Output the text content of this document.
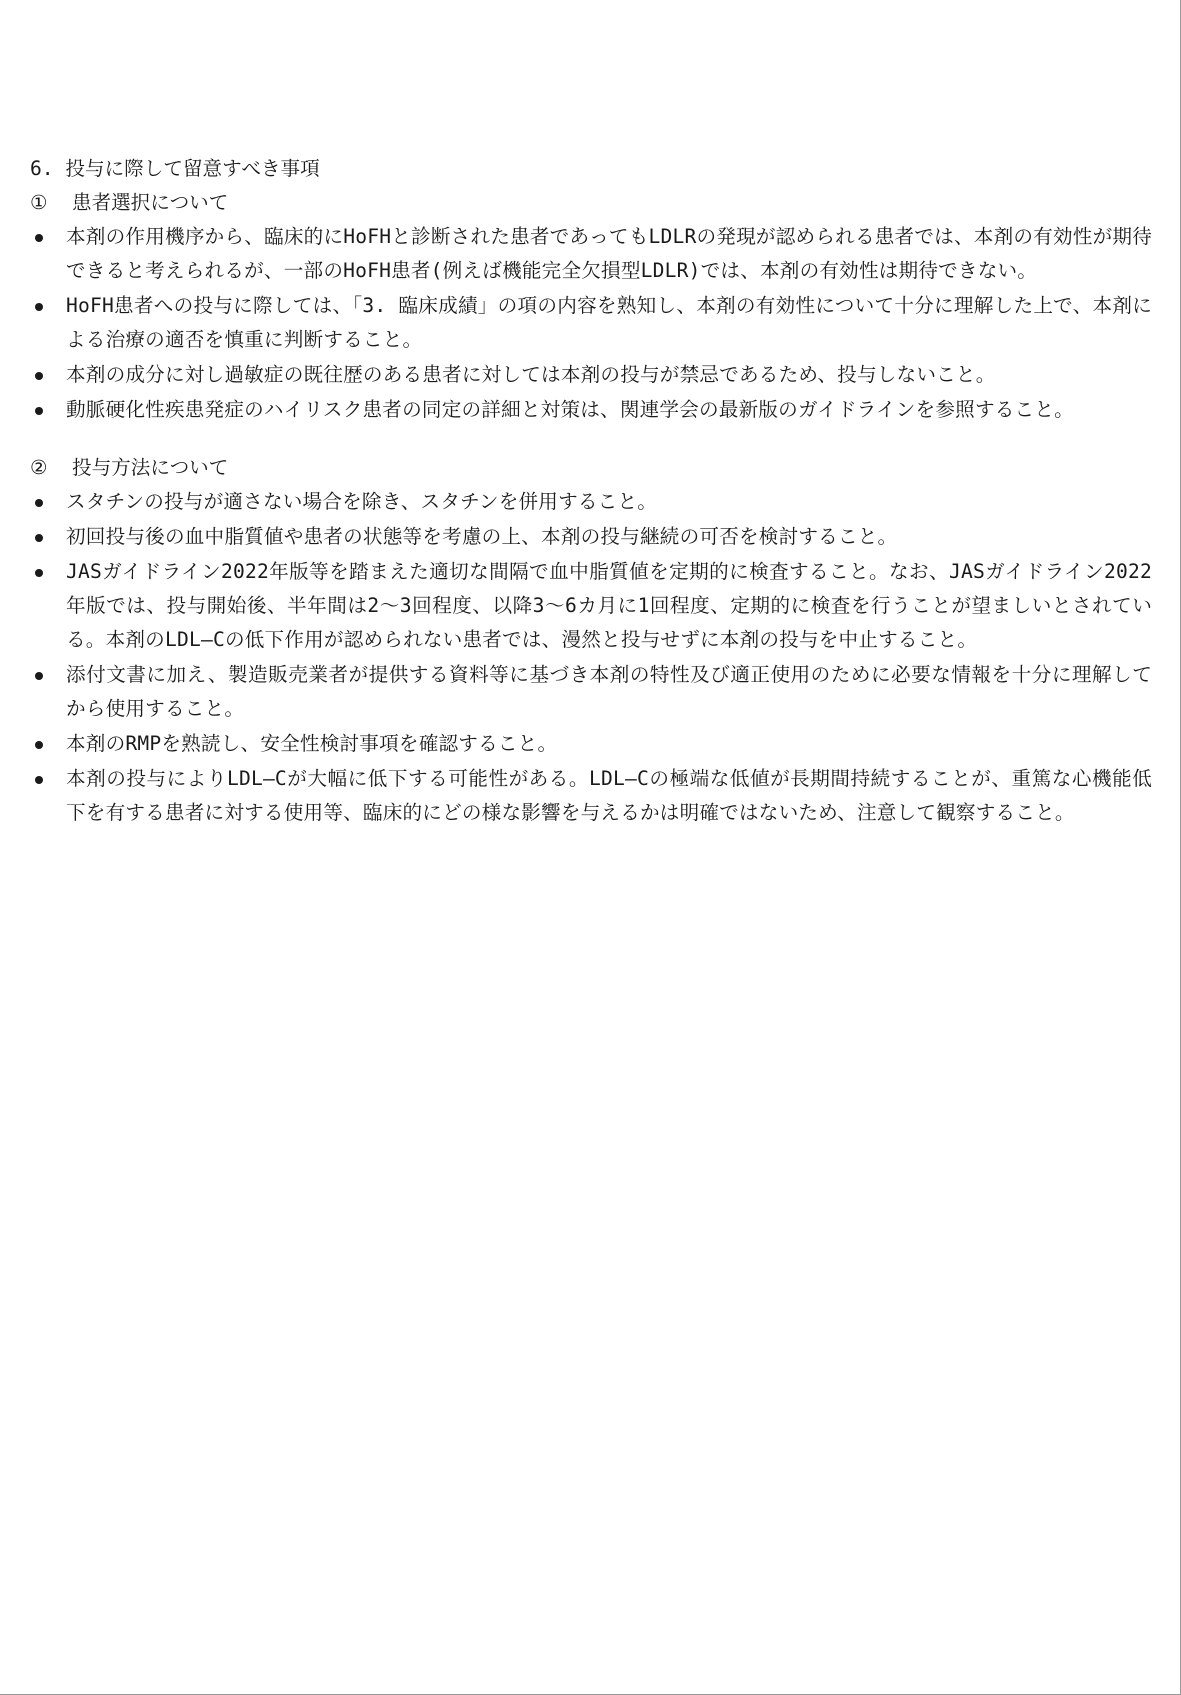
6. 投与に際して留意すべき事項
① 患者選択について
本剤の作用機序から、臨床的にHoFHと診断された患者であってもLDLRの発現が認められる患者では、本剤の有効性が期待できると考えられるが、一部のHoFH患者(例えば機能完全欠損型LDLR)では、本剤の有効性は期待できない。
HoFH患者への投与に際しては、「3. 臨床成績」の項の内容を熟知し、本剤の有効性について十分に理解した上で、本剤による治療の適否を慎重に判断すること。
本剤の成分に対し過敏症の既往歴のある患者に対しては本剤の投与が禁忌であるため、投与しないこと。
動脈硬化性疾患発症のハイリスク患者の同定の詳細と対策は、関連学会の最新版のガイドラインを参照すること。
② 投与方法について
スタチンの投与が適さない場合を除き、スタチンを併用すること。
初回投与後の血中脂質値や患者の状態等を考慮の上、本剤の投与継続の可否を検討すること。
JASガイドライン2022年版等を踏まえた適切な間隔で血中脂質値を定期的に検査すること。なお、JASガイドライン2022年版では、投与開始後、半年間は2～3回程度、以降3～6カ月に1回程度、定期的に検査を行うことが望ましいとされている。本剤のLDL―Cの低下作用が認められない患者では、漫然と投与せずに本剤の投与を中止すること。
添付文書に加え、製造販売業者が提供する資料等に基づき本剤の特性及び適正使用のために必要な情報を十分に理解してから使用すること。
本剤のRMPを熟読し、安全性検討事項を確認すること。
本剤の投与によりLDL―Cが大幅に低下する可能性がある。LDL―Cの極端な低値が長期間持続することが、重篤な心機能低下を有する患者に対する使用等、臨床的にどの様な影響を与えるかは明確ではないため、注意して観察すること。
